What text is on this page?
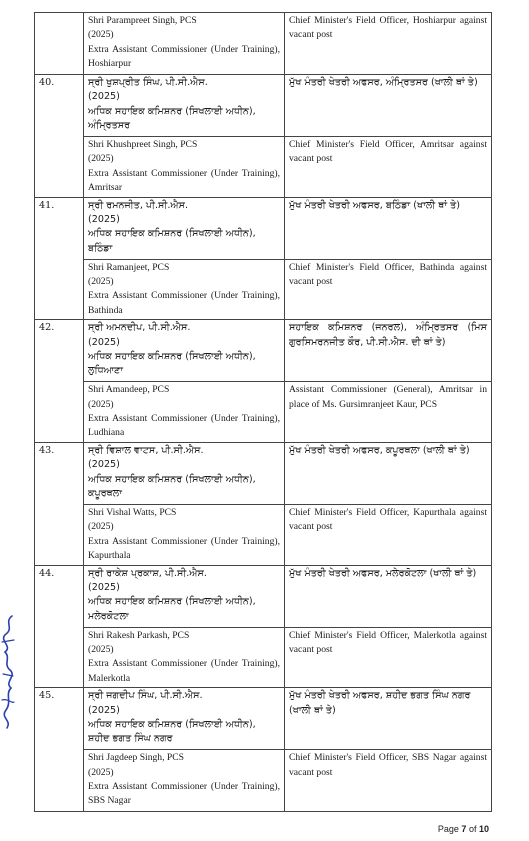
	Shri Parampreet Singh, PCS
(2025)
Extra Assistant Commissioner (Under Training), Hoshiarpur	Chief Minister's Field Officer, Hoshiarpur against vacant post
40.	ਸ੍ਰੀ ਖੁਸ਼ਪ੍ਰੀਤ ਸਿੰਘ, ਪੀ.ਸੀ.ਐਸ.
(2025)
ਅਧਿਕ ਸਹਾਇਕ ਕਮਿਸ਼ਨਰ (ਸਿਖਲਾਈ ਅਧੀਨ), ਅੰਮ੍ਰਿਤਸਰ	ਮੁੱਖ ਮੰਤਰੀ ਖੇਤਰੀ ਅਫਸਰ, ਅੰਮ੍ਰਿਤਸਰ (ਖਾਲੀ ਥਾਂ ਤੇ)

	Shri Khushpreet Singh, PCS
(2025)
Extra Assistant Commissioner (Under Training), Amritsar	Chief Minister's Field Officer, Amritsar against vacant post
41.	ਸ੍ਰੀ ਰਮਨਜੀਤ, ਪੀ.ਸੀ.ਐਸ.
(2025)
ਅਧਿਕ ਸਹਾਇਕ ਕਮਿਸ਼ਨਰ (ਸਿਖਲਾਈ ਅਧੀਨ), ਬਠਿੰਡਾ	ਮੁੱਖ ਮੰਤਰੀ ਖੇਤਰੀ ਅਫਸਰ, ਬਠਿੰਡਾ (ਖਾਲੀ ਥਾਂ ਤੇ)

	Shri Ramanjeet, PCS
(2025)
Extra Assistant Commissioner (Under Training), Bathinda	Chief Minister's Field Officer, Bathinda against vacant post
42.	ਸ੍ਰੀ ਅਮਨਦੀਪ, ਪੀ.ਸੀ.ਐਸ.
(2025)
ਅਧਿਕ ਸਹਾਇਕ ਕਮਿਸ਼ਨਰ (ਸਿਖਲਾਈ ਅਧੀਨ), ਲੁਧਿਆਣਾ	ਸਹਾਇਕ ਕਮਿਸ਼ਨਰ (ਜਨਰਲ), ਅੰਮ੍ਰਿਤਸਰ (ਮਿਸ ਗੁਰਸਿਮਰਨਜੀਤ ਕੌਰ, ਪੀ.ਸੀ.ਐਸ. ਦੀ ਥਾਂ ਤੇ)

	Shri Amandeep, PCS
(2025)
Extra Assistant Commissioner (Under Training), Ludhiana	Assistant Commissioner (General), Amritsar in place of Ms. Gursimranjeet Kaur, PCS
43.	ਸ੍ਰੀ ਵਿਸ਼ਾਲ ਵਾਟਸ, ਪੀ.ਸੀ.ਐਸ.
(2025)
ਅਧਿਕ ਸਹਾਇਕ ਕਮਿਸ਼ਨਰ (ਸਿਖਲਾਈ ਅਧੀਨ), ਕਪੂਰਥਲਾ	ਮੁੱਖ ਮੰਤਰੀ ਖੇਤਰੀ ਅਫਸਰ, ਕਪੂਰਥਲਾ (ਖਾਲੀ ਥਾਂ ਤੇ)

	Shri Vishal Watts, PCS
(2025)
Extra Assistant Commissioner (Under Training), Kapurthala	Chief Minister's Field Officer, Kapurthala against vacant post
44.	ਸ੍ਰੀ ਰਾਕੇਸ਼ ਪ੍ਰਕਾਸ਼, ਪੀ.ਸੀ.ਐਸ.
(2025)
ਅਧਿਕ ਸਹਾਇਕ ਕਮਿਸ਼ਨਰ (ਸਿਖਲਾਈ ਅਧੀਨ), ਮਲੇਰਕੋਟਲਾ	ਮੁੱਖ ਮੰਤਰੀ ਖੇਤਰੀ ਅਫਸਰ, ਮਲੇਰਕੋਟਲਾ (ਖਾਲੀ ਥਾਂ ਤੇ)

	Shri Rakesh Parkash, PCS
(2025)
Extra Assistant Commissioner (Under Training), Malerkotla	Chief Minister's Field Officer, Malerkotla against vacant post
45.	ਸ੍ਰੀ ਜਗਦੀਪ ਸਿੰਘ, ਪੀ.ਸੀ.ਐਸ.
(2025)
ਅਧਿਕ ਸਹਾਇਕ ਕਮਿਸ਼ਨਰ (ਸਿਖਲਾਈ ਅਧੀਨ), ਸ਼ਹੀਦ ਭਗਤ ਸਿੰਘ ਨਗਰ	ਮੁੱਖ ਮੰਤਰੀ ਖੇਤਰੀ ਅਫਸਰ, ਸ਼ਹੀਦ ਭਗਤ ਸਿੰਘ ਨਗਰ (ਖਾਲੀ ਥਾਂ ਤੇ)

	Shri Jagdeep Singh, PCS
(2025)
Extra Assistant Commissioner (Under Training), SBS Nagar	Chief Minister's Field Officer, SBS Nagar against vacant post
Page 7 of 10
